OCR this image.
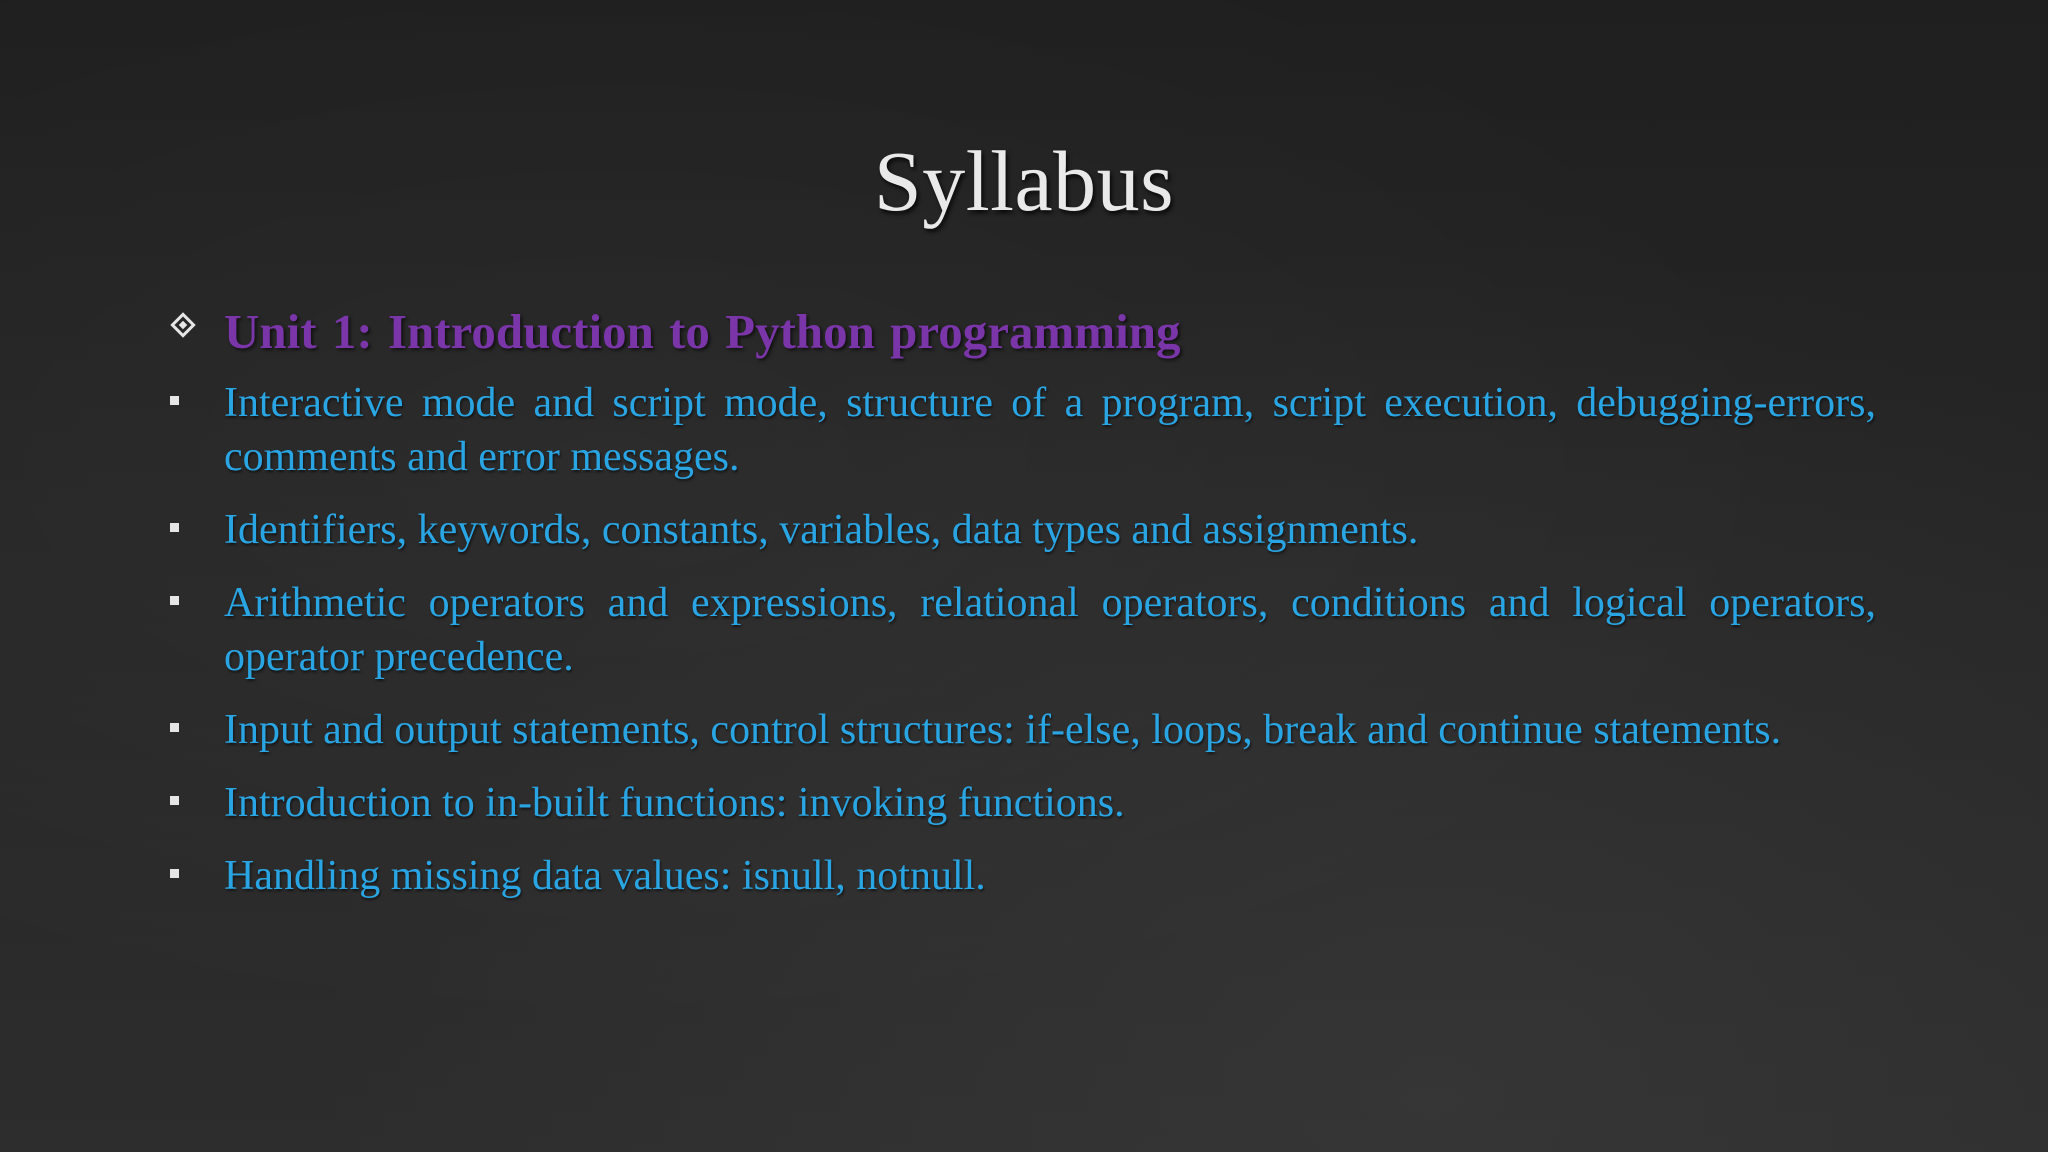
Syllabus
Unit 1: Introduction to Python programming
Interactive mode and script mode, structure of a program, script execution, debugging-errors, comments and error messages.
Identifiers, keywords, constants, variables, data types and assignments.
Arithmetic operators and expressions, relational operators, conditions and logical operators, operator precedence.
Input and output statements, control structures: if-else, loops, break and continue statements.
Introduction to in-built functions: invoking functions.
Handling missing data values: isnull, notnull.
